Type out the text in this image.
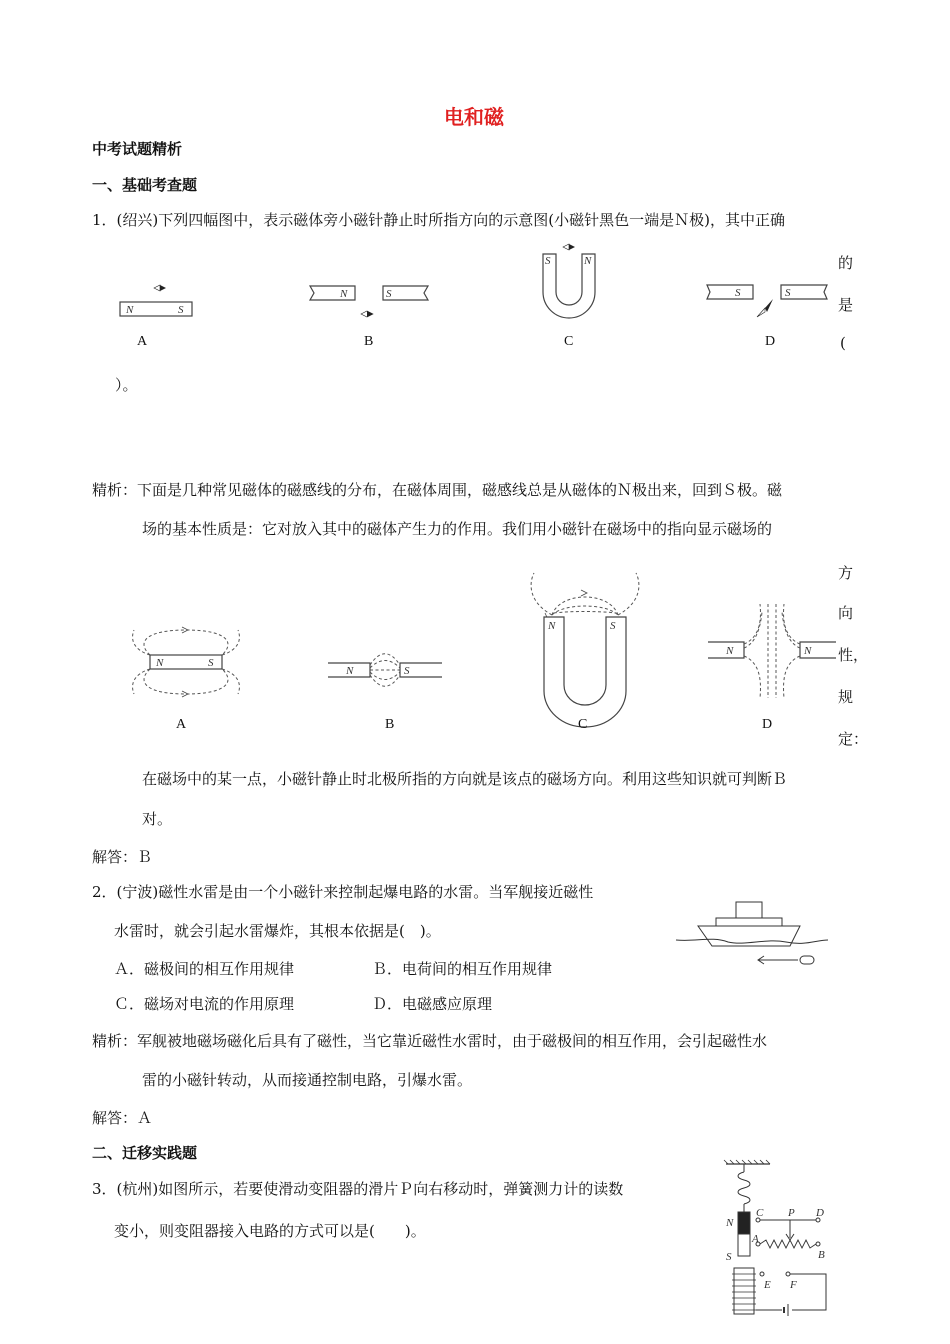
电和磁
中考试题精析
一、基础考查题
1．(绍兴)下列四幅图中，表示磁体旁小磁针静止时所指方向的示意图(小磁针黑色一端是Ｎ极)，其中正确
的
是
(
）。
N	S
A
N	S
B
S	N
C
S	S
D
精析：下面是几种常见磁体的磁感线的分布，在磁体周围，磁感线总是从磁体的Ｎ极出来，回到Ｓ极。磁
场的基本性质是：它对放入其中的磁体产生力的作用。我们用小磁针在磁场中的指向显示磁场的
方
向
性，
规
定：
N	S
A
N	S
B
N	S
C
N	N
D
在磁场中的某一点，小磁针静止时北极所指的方向就是该点的磁场方向。利用这些知识就可判断Ｂ
对。
解答：Ｂ
2．(宁波)磁性水雷是由一个小磁针来控制起爆电路的水雷。当军舰接近磁性
水雷时，就会引起水雷爆炸，其根本依据是(　)。
Ａ．磁极间的相互作用规律	Ｂ．电荷间的相互作用规律
Ｃ．磁场对电流的作用原理	Ｄ．电磁感应原理
精析：军舰被地磁场磁化后具有了磁性，当它靠近磁性水雷时，由于磁极间的相互作用，会引起磁性水
雷的小磁针转动，从而接通控制电路，引爆水雷。
解答：Ａ
二、迁移实践题
3．(杭州)如图所示，若要使滑动变阻器的滑片Ｐ向右移动时，弹簧测力计的读数
变小，则变阻器接入电路的方式可以是(　　)。	N
S
C	D
P
A
B
E F
